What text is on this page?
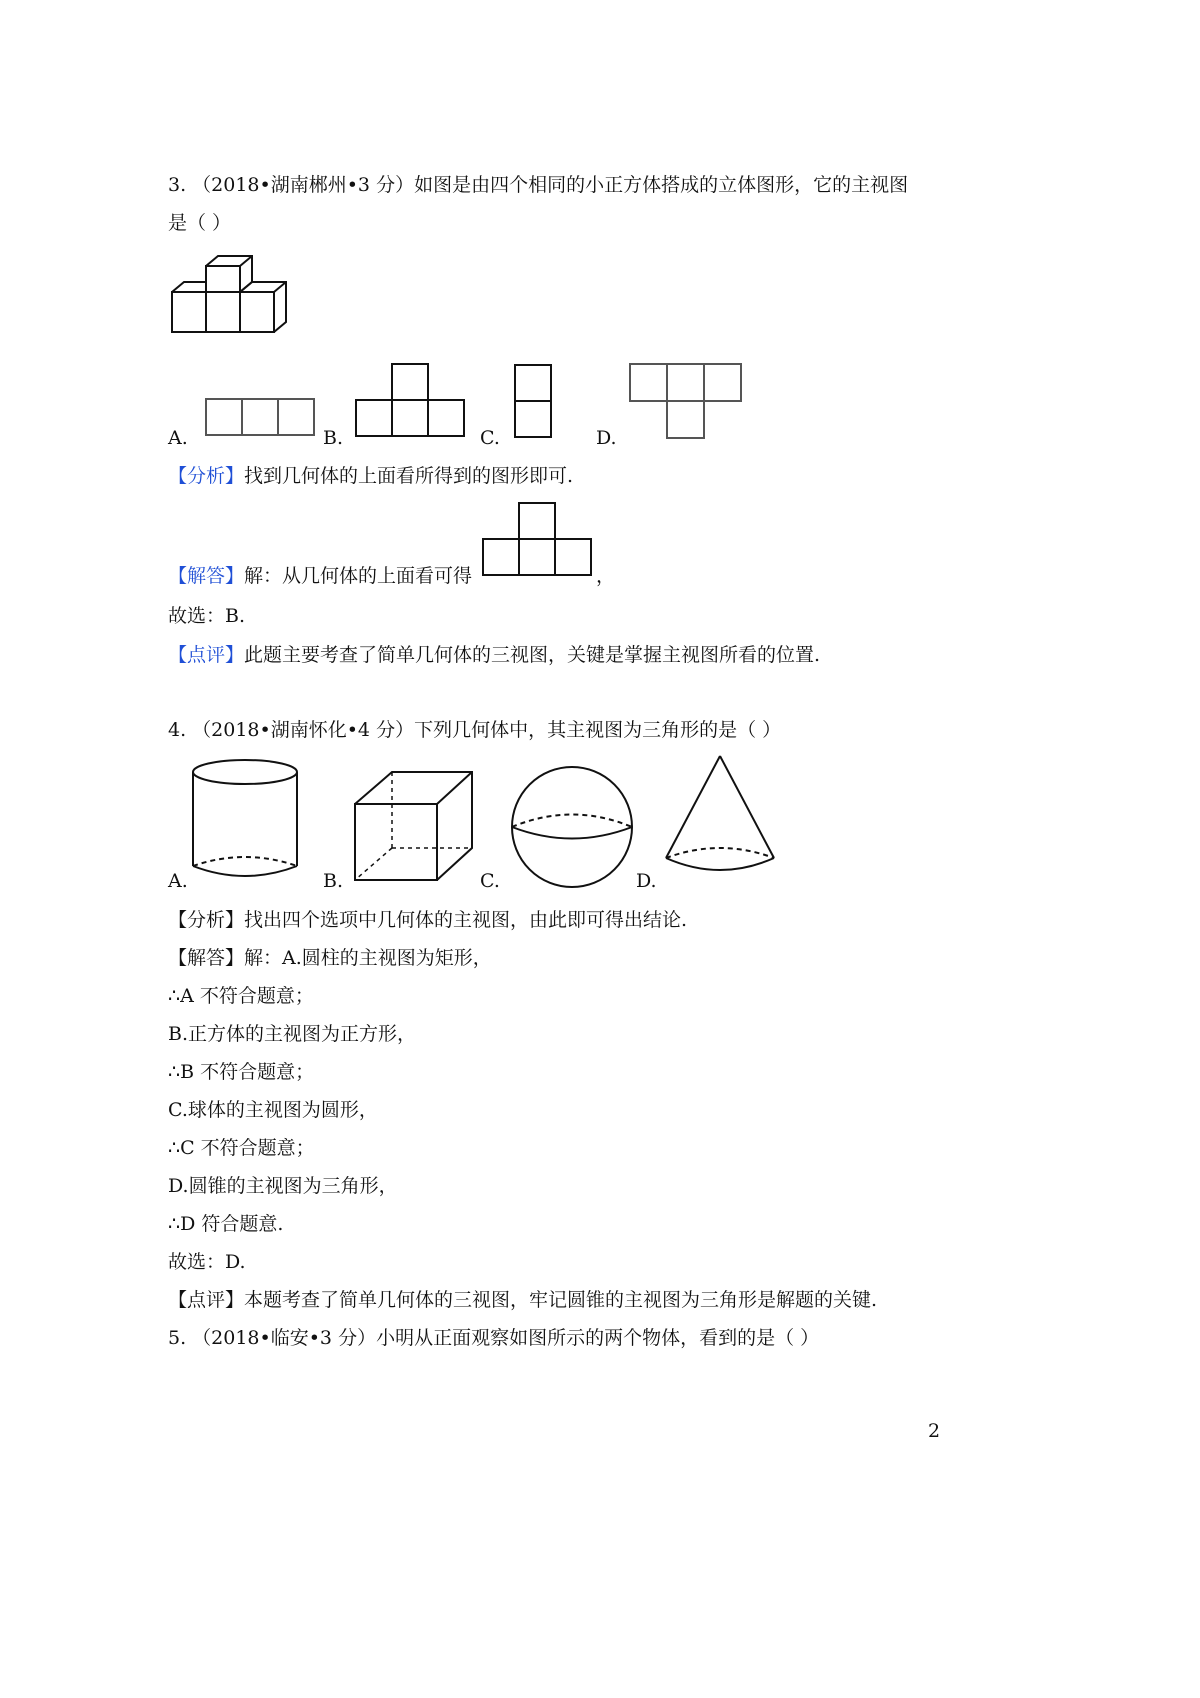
3. （2018•湖南郴州•3 分）如图是由四个相同的小正方体搭成的立体图形，它的主视图
是（ ）
A.	B.	C.	D.
【分析】找到几何体的上面看所得到的图形即可.
【解答】解：从几何体的上面看可得	，
故选：B.
【点评】此题主要考查了简单几何体的三视图，关键是掌握主视图所看的位置.
4. （2018•湖南怀化•4 分）下列几何体中，其主视图为三角形的是（ ）
A.	B.	C.	D.
【分析】找出四个选项中几何体的主视图，由此即可得出结论.
【解答】解：A.圆柱的主视图为矩形，
∴A 不符合题意；
B.正方体的主视图为正方形，
∴B 不符合题意；
C.球体的主视图为圆形，
∴C 不符合题意；
D.圆锥的主视图为三角形，
∴D 符合题意.
故选：D.
【点评】本题考查了简单几何体的三视图，牢记圆锥的主视图为三角形是解题的关键.
5. （2018•临安•3 分）小明从正面观察如图所示的两个物体，看到的是（ ）
2
